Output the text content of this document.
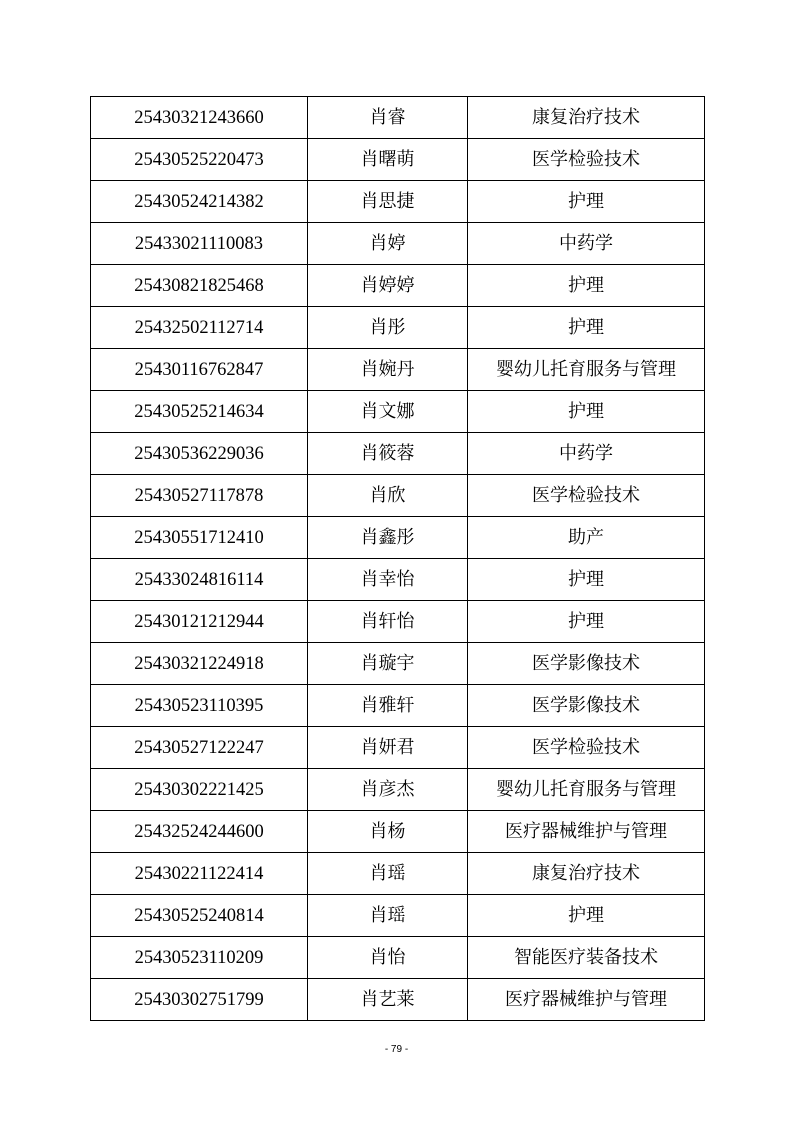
25430321243660	肖睿	康复治疗技术
25430525220473	肖曙萌	医学检验技术
25430524214382	肖思捷	护理
25433021110083	肖婷	中药学
25430821825468	肖婷婷	护理
25432502112714	肖彤	护理
25430116762847	肖婉丹	婴幼儿托育服务与管理
25430525214634	肖文娜	护理
25430536229036	肖筱蓉	中药学
25430527117878	肖欣	医学检验技术
25430551712410	肖鑫彤	助产
25433024816114	肖幸怡	护理
25430121212944	肖轩怡	护理
25430321224918	肖璇宇	医学影像技术
25430523110395	肖雅轩	医学影像技术
25430527122247	肖妍君	医学检验技术
25430302221425	肖彦杰	婴幼儿托育服务与管理
25432524244600	肖杨	医疗器械维护与管理
25430221122414	肖瑶	康复治疗技术
25430525240814	肖瑶	护理
25430523110209	肖怡	智能医疗装备技术
25430302751799	肖艺莱	医疗器械维护与管理
- 79 -
